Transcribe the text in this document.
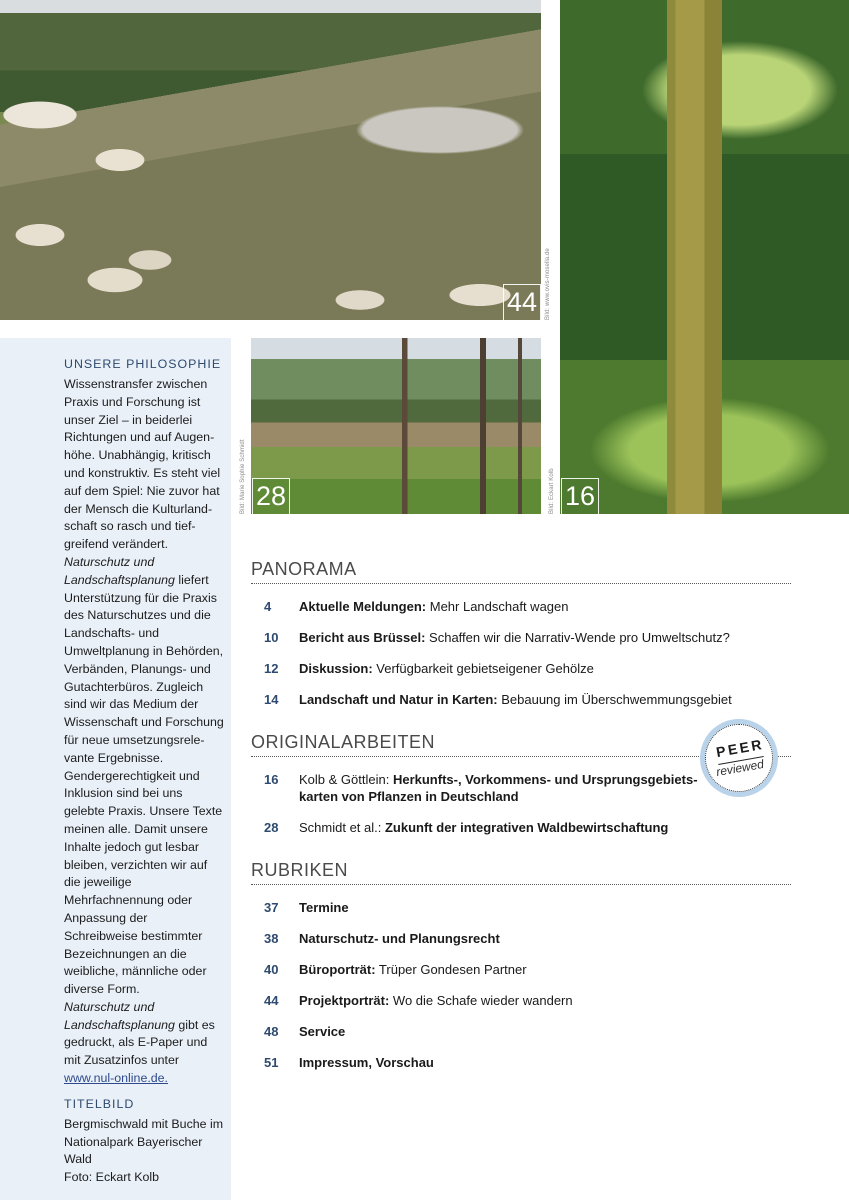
44	Bild: www.ovis-mosella.de
28
Bild: Marie Sophie Schmidt	16
Bild: Eckart Kolb
UNSERE PHILOSOPHIE

Wissenstransfer zwischen Praxis und Forschung ist unser Ziel – in beiderlei Richtungen und auf Augenhöhe. Unabhängig, kritisch und konstruktiv. Es steht viel auf dem Spiel: Nie zuvor hat der Mensch die Kulturlandschaft so rasch und tiefgreifend verändert.

Naturschutz und Landschaftsplanung liefert Unterstützung für die Praxis des Naturschutzes und die Landschafts- und Umweltplanung in Behörden, Verbänden, Planungs- und Gutachterbüros. Zugleich sind wir das Medium der Wissenschaft und Forschung für neue umsetzungsrelevante Ergebnisse.

Gendergerechtigkeit und Inklusion sind bei uns gelebte Praxis. Unsere Texte meinen alle. Damit unsere Inhalte jedoch gut lesbar bleiben, verzichten wir auf die jeweilige Mehrfachnennung oder Anpassung der Schreibweise bestimmter Bezeichnungen an die weibliche, männliche oder diverse Form.

Naturschutz und Landschaftsplanung gibt es gedruckt, als E-Paper und mit Zusatzinfos unter www.nul-online.de.

TITELBILD

Bergmischwald mit Buche im Nationalpark Bayerischer Wald

Foto: Eckart Kolb

PANORAMA
4	Aktuelle Meldungen: Mehr Landschaft wagen
10	Bericht aus Brüssel: Schaffen wir die Narrativ-Wende pro Umweltschutz?
12	Diskussion: Verfügbarkeit gebietseigener Gehölze
14	Landschaft und Natur in Karten: Bebauung im Überschwemmungsgebiet
ORIGINALARBEITEN
16	Kolb & Göttlein: Herkunfts-, Vorkommens- und Ursprungsgebietskarten von Pflanzen in Deutschland
28	Schmidt et al.: Zukunft der integrativen Waldbewirtschaftung
RUBRIKEN
37	Termine
38	Naturschutz- und Planungsrecht
40	Büroporträt: Trüper Gondesen Partner
44	Projektporträt: Wo die Schafe wieder wandern
48	Service
51	Impressum, Vorschau
PEER
reviewed
